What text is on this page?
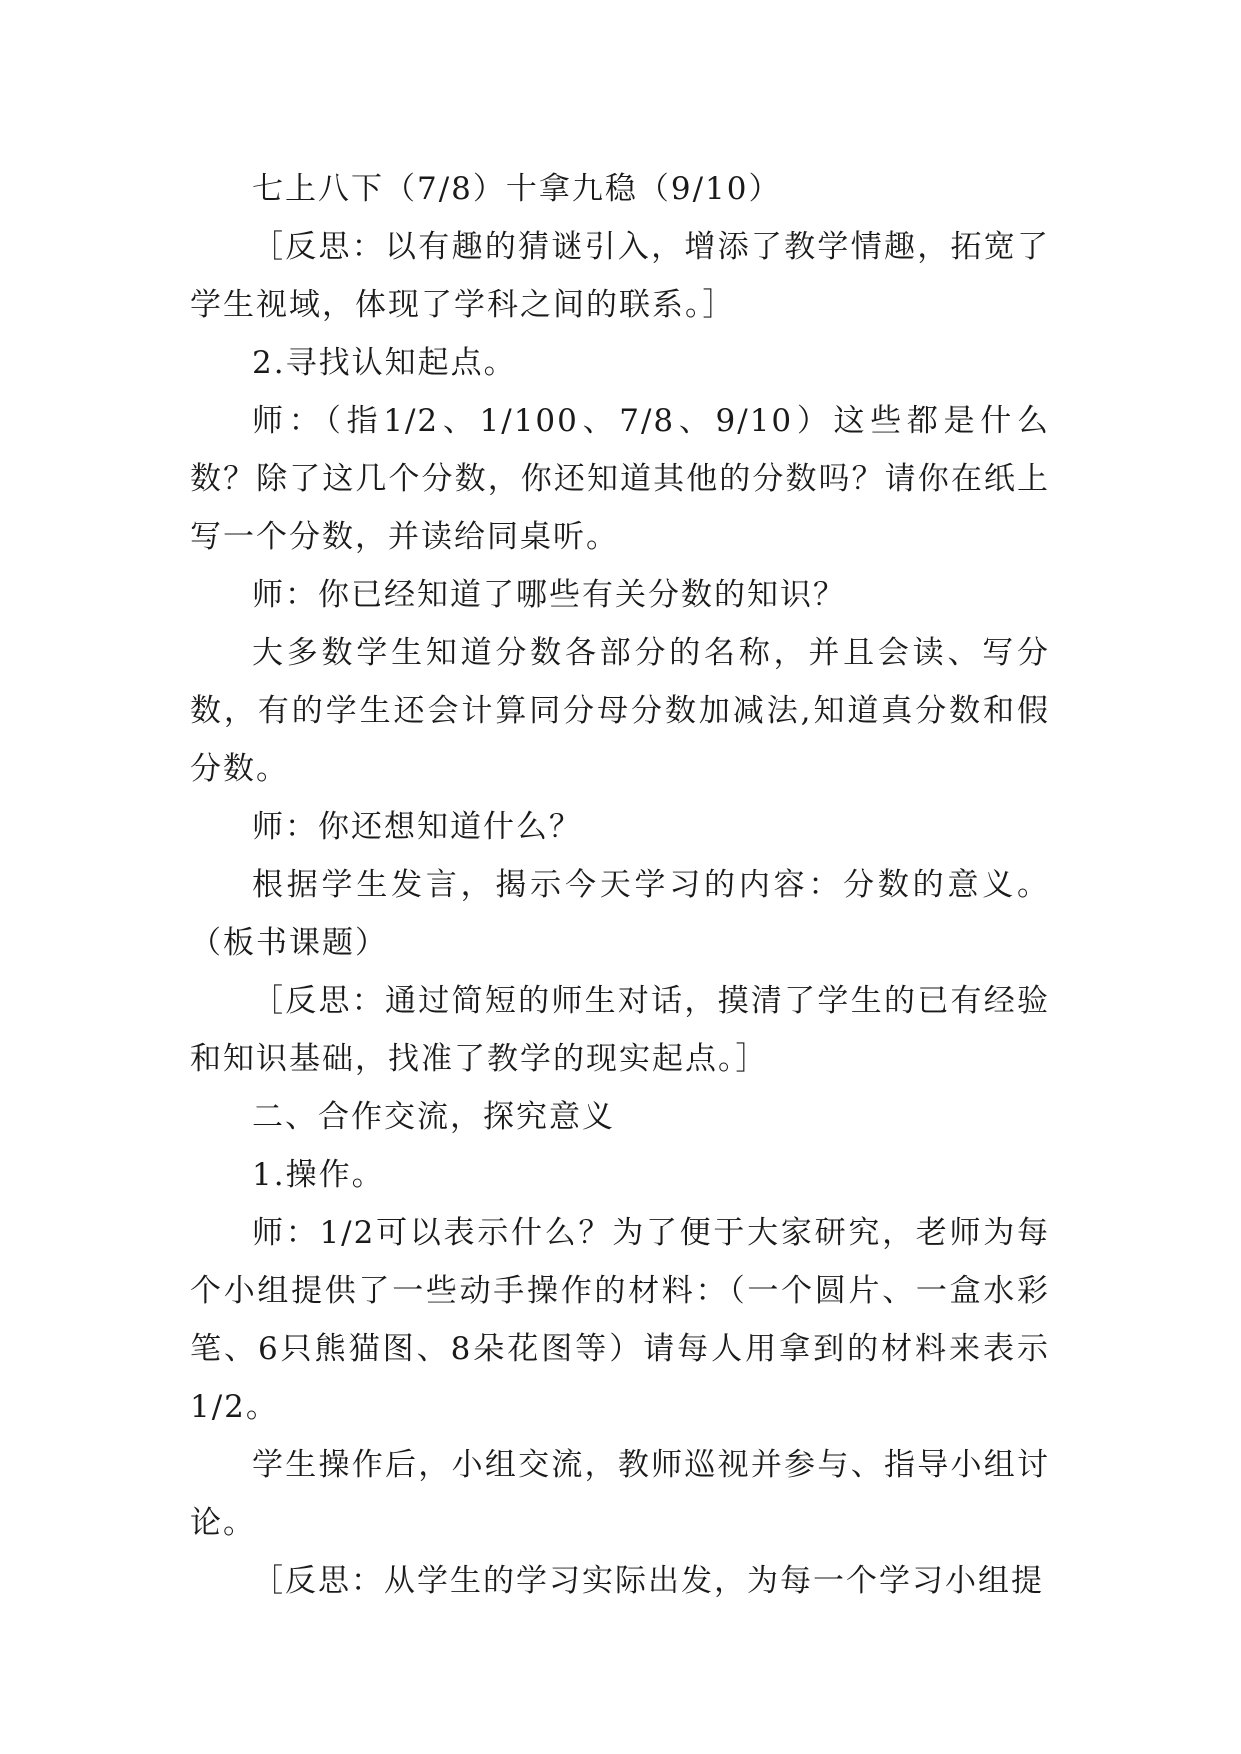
七上八下（7/8）十拿九稳（9/10）

［反思：以有趣的猜谜引入，增添了教学情趣，拓宽了学生视域，体现了学科之间的联系。］

2.寻找认知起点。

师：（指1/2、1/100、7/8、9/10）这些都是什么数？除了这几个分数，你还知道其他的分数吗？请你在纸上写一个分数，并读给同桌听。

师：你已经知道了哪些有关分数的知识？

大多数学生知道分数各部分的名称，并且会读、写分数，有的学生还会计算同分母分数加减法,知道真分数和假分数。

师：你还想知道什么？

根据学生发言，揭示今天学习的内容：分数的意义。（板书课题）

［反思：通过简短的师生对话，摸清了学生的已有经验和知识基础，找准了教学的现实起点。］

二、合作交流，探究意义

1.操作。

师：1/2可以表示什么？为了便于大家研究，老师为每个小组提供了一些动手操作的材料：（一个圆片、一盒水彩笔、6只熊猫图、8朵花图等）请每人用拿到的材料来表示1/2。

学生操作后，小组交流，教师巡视并参与、指导小组讨论。

［反思：从学生的学习实际出发，为每一个学习小组提
